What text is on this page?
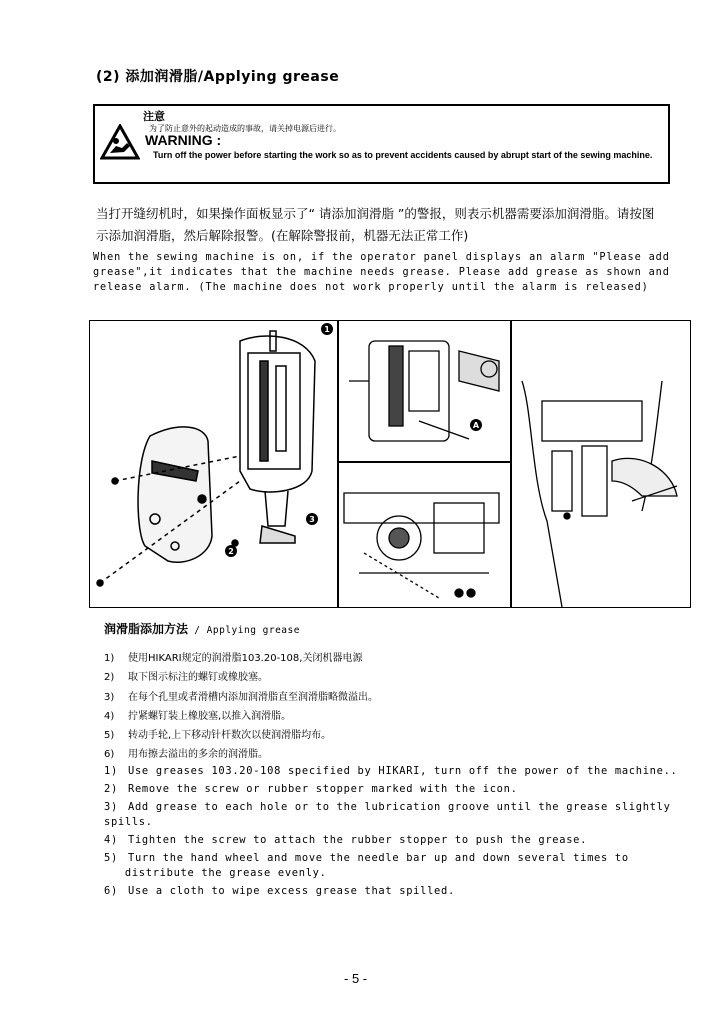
(2) 添加润滑脂/Applying grease
注意
为了防止意外的起动造成的事故，请关掉电源后进行。
WARNING :
Turn off the power before starting the work so as to prevent accidents caused by abrupt start of the sewing machine.
当打开缝纫机时，如果操作面板显示了“ 请添加润滑脂 ”的警报，则表示机器需要添加润滑脂。请按图示添加润滑脂，然后解除报警。(在解除警报前，机器无法正常工作)
When the sewing machine is on, if the operator panel displays an alarm "Please add grease",it indicates that the machine needs grease. Please add grease as shown and release alarm. (The machine does not work properly until the alarm is released)
1
2
3
A
润滑脂添加方法 / Applying grease
1) 使用HIKARI规定的润滑脂103.20-108,关闭机器电源
2) 取下图示标注的螺钉或橡胶塞。
3) 在每个孔里或者滑槽内添加润滑脂直至润滑脂略微溢出。
4) 拧紧螺钉装上橡胶塞,以推入润滑脂。
5) 转动手轮,上下移动针杆数次以使润滑脂均布。
6) 用布擦去溢出的多余的润滑脂。
1) Use greases 103.20-108 specified by HIKARI, turn off the power of the machine..
2) Remove the screw or rubber stopper marked with the icon.
3) Add grease to each hole or to the lubrication groove until the grease slightly spills.
4) Tighten the screw to attach the rubber stopper to push the grease.
5) Turn the hand wheel and move the needle bar up and down several times to
distribute the grease evenly.
6) Use a cloth to wipe excess grease that spilled.
- 5 -
